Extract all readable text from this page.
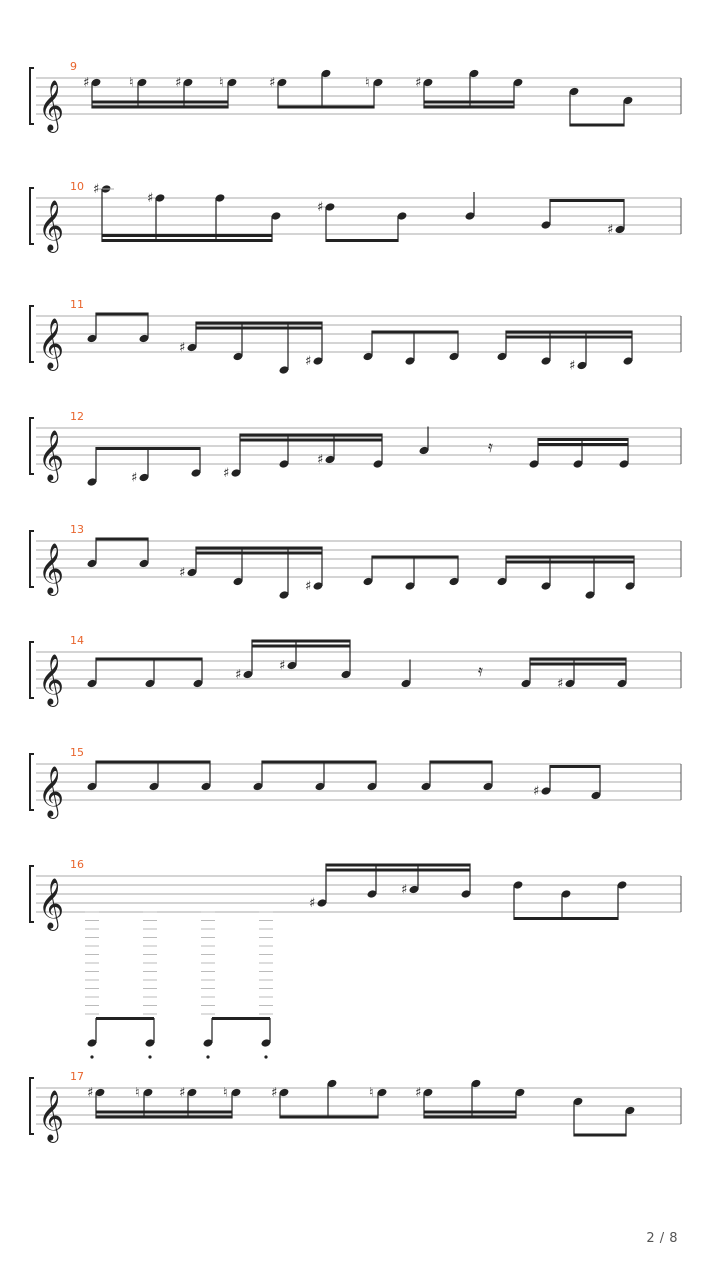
𝄞
9
♯	♮	♯	♮	♯	♮	♯
𝄞
10 ♯
♯
♯
♯
𝄞
11
♯
♯	♯
𝄞
12
♯	♯
♯
𝄞
13
♯
♯
𝄞
14
♯
♯
♯
𝄞
15
♯
𝄞
16
♯
♯
𝄞
17
♯	♮	♯	♮	♯	♮	♯
𝄿
𝄿
2 / 8
